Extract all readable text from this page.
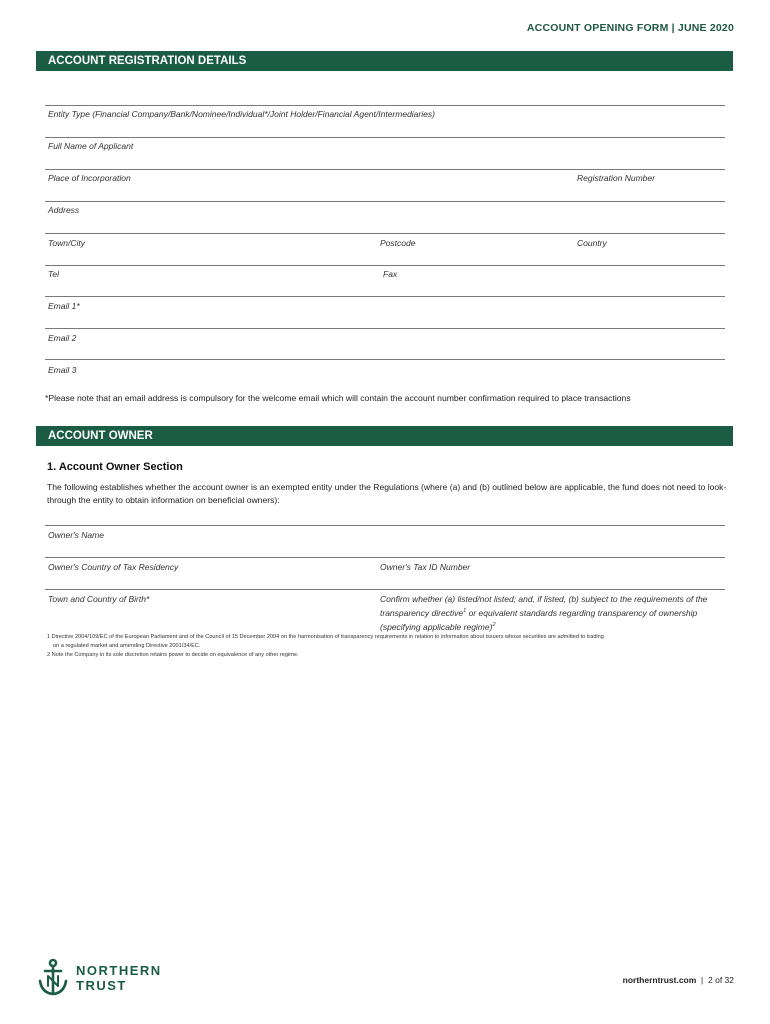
ACCOUNT OPENING FORM | JUNE 2020
ACCOUNT REGISTRATION DETAILS
Entity Type (Financial Company/Bank/Nominee/Individual*/Joint Holder/Financial Agent/Intermediaries)
Full Name of Applicant
Place of Incorporation	Registration Number
Address
Town/City	Postcode	Country
Tel	Fax
Email 1*
Email 2
Email 3
*Please note that an email address is compulsory for the welcome email which will contain the account number confirmation required to place transactions
ACCOUNT OWNER
1. Account Owner Section
The following establishes whether the account owner is an exempted entity under the Regulations (where (a) and (b) outlined below are applicable, the fund does not need to look-through the entity to obtain information on beneficial owners):
Owner's Name
Owner's Country of Tax Residency	Owner's Tax ID Number
Town and Country of Birth*	Confirm whether (a) listed/not listed; and, if listed, (b) subject to the requirements of the transparency directive$^1$ or equivalent standards regarding transparency of ownership (specifying applicable regime)$^2$
1 Directive 2004/109/EC of the European Parliament and of the Council of 15 December 2004 on the harmonisation of transparency requirements in relation to information about issuers whose securities are admitted to trading
on a regulated market and amending Directive 2001/34/EC.
2 Note the Company in its sole discretion retains power to decide on equivalence of any other regime.
NORTHERN
TRUST	northerntrust.com | 2 of 32
